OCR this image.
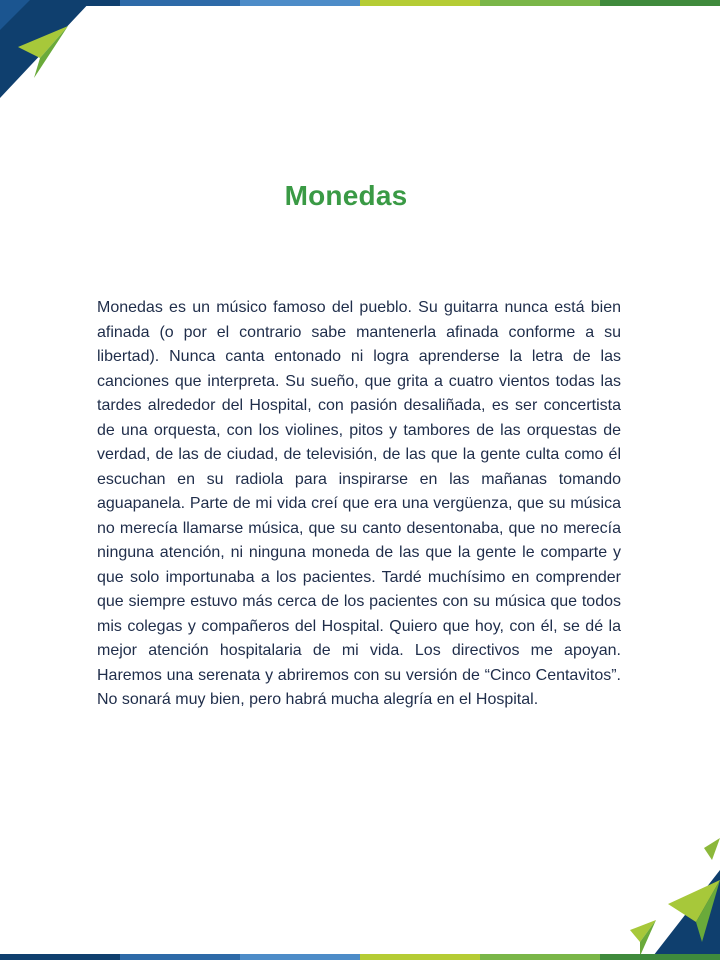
Monedas

Monedas es un músico famoso del pueblo. Su guitarra nunca está bien afinada (o por el contrario sabe mantenerla afinada conforme a su libertad). Nunca canta entonado ni logra aprenderse la letra de las canciones que interpreta. Su sueño, que grita a cuatro vientos todas las tardes alrededor del Hospital, con pasión desaliñada, es ser concertista de una orquesta, con los violines, pitos y tambores de las orquestas de verdad, de las de ciudad, de televisión, de las que la gente culta como él escuchan en su radiola para inspirarse en las mañanas tomando aguapanela. Parte de mi vida creí que era una vergüenza, que su música no merecía llamarse música, que su canto desentonaba, que no merecía ninguna atención, ni ninguna moneda de las que la gente le comparte y que solo importunaba a los pacientes. Tardé muchísimo en comprender que siempre estuvo más cerca de los pacientes con su música que todos mis colegas y compañeros del Hospital. Quiero que hoy, con él, se dé la mejor atención hospitalaria de mi vida. Los directivos me apoyan. Haremos una serenata y abriremos con su versión de “Cinco Centavitos”. No sonará muy bien, pero habrá mucha alegría en el Hospital.
